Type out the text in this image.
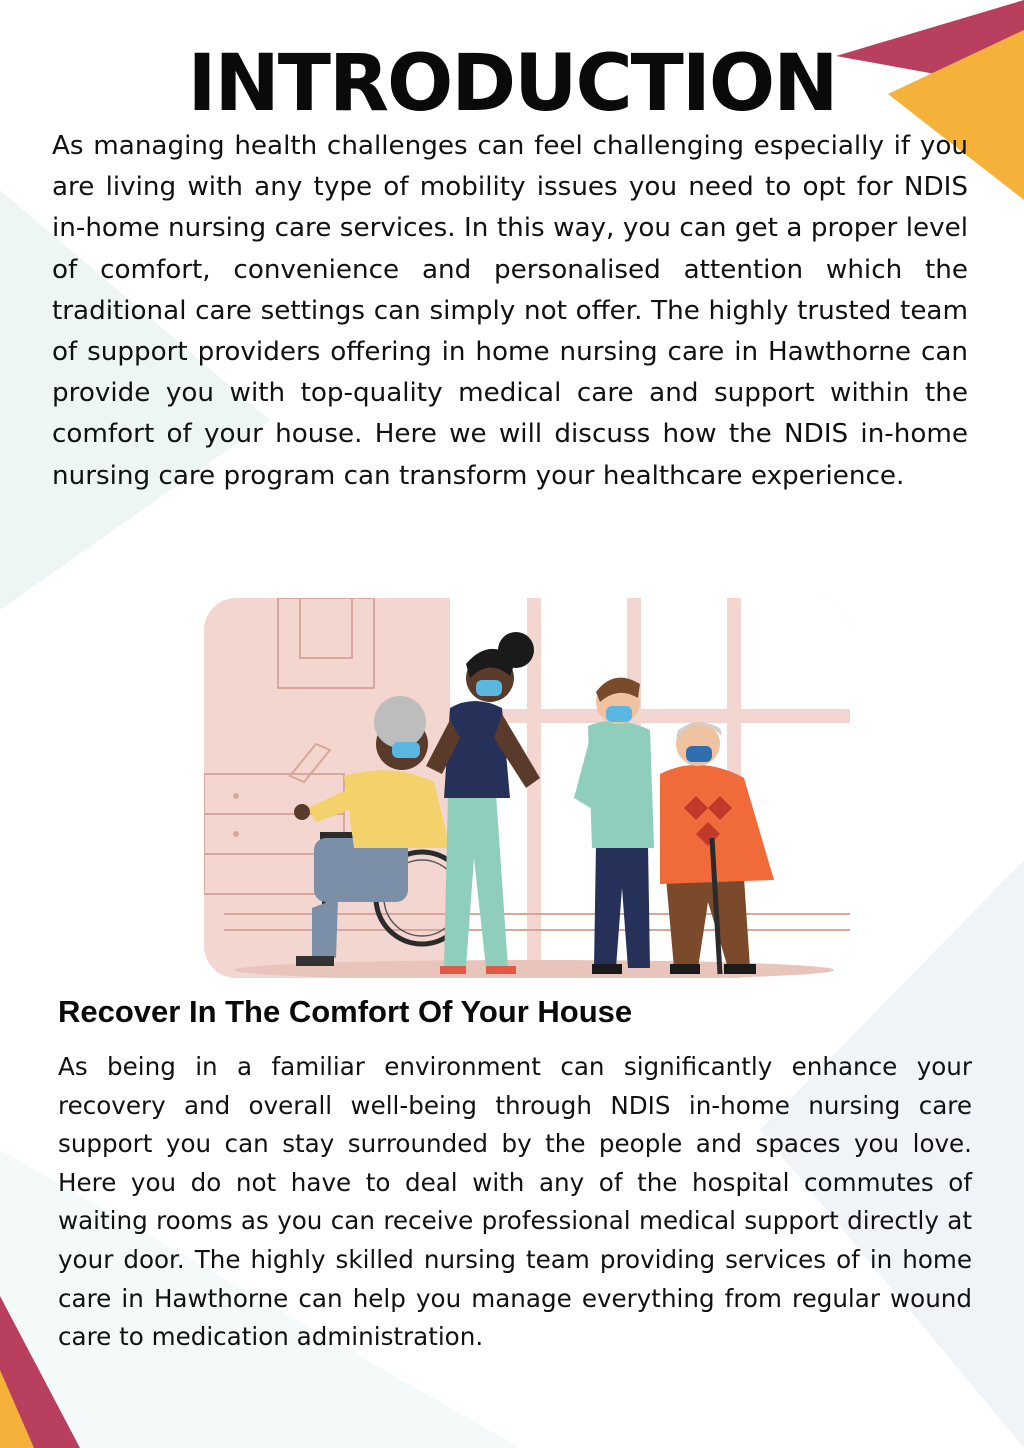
INTRODUCTION

As managing health challenges can feel challenging especially if you are living with any type of mobility issues you need to opt for NDIS in-home nursing care services. In this way, you can get a proper level of comfort, convenience and personalised attention which the traditional care settings can simply not offer. The highly trusted team of support providers offering in home nursing care in Hawthorne can provide you with top-quality medical care and support within the comfort of your house. Here we will discuss how the NDIS in-home nursing care program can transform your healthcare experience.

Recover In The Comfort Of Your House

As being in a familiar environment can significantly enhance your recovery and overall well-being through NDIS in-home nursing care support you can stay surrounded by the people and spaces you love. Here you do not have to deal with any of the hospital commutes of waiting rooms as you can receive professional medical support directly at your door. The highly skilled nursing team providing services of in home care in Hawthorne can help you manage everything from regular wound care to medication administration.
